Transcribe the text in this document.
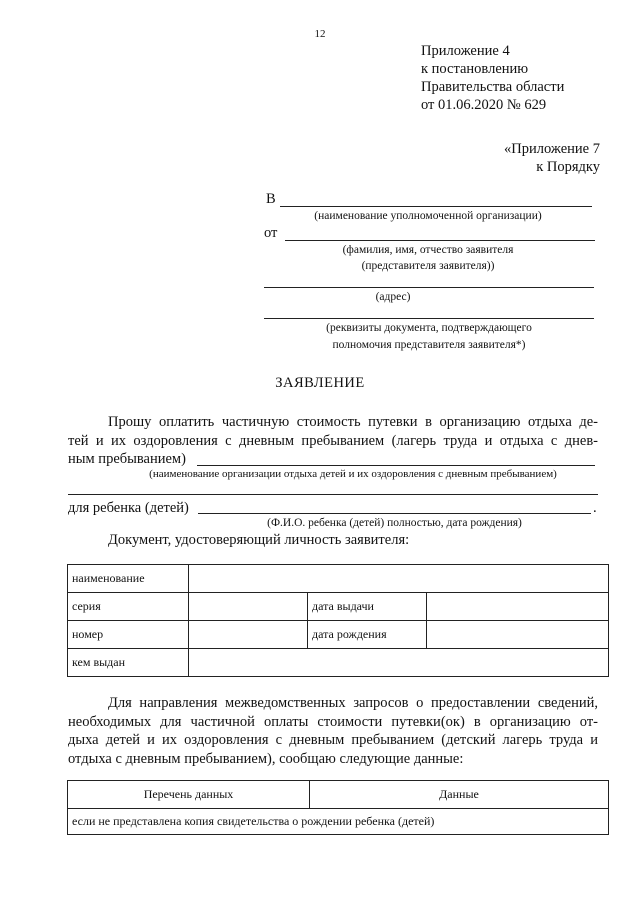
12
Приложение 4
к постановлению
Правительства области
от 01.06.2020 № 629
«Приложение 7
к Порядку
В
(наименование уполномоченной организации)
от
(фамилия, имя, отчество заявителя
(представителя заявителя))
(адрес)
(реквизиты документа, подтверждающего
полномочия представителя заявителя*)
ЗАЯВЛЕНИЕ
Прошу оплатить частичную стоимость путевки в организацию отдыха де-
тей и их оздоровления с дневным пребыванием (лагерь труда и отдыха с днев-
ным пребыванием)
(наименование организации отдыха детей и их оздоровления с дневным пребыванием)
для ребенка (детей)	.
(Ф.И.О. ребенка (детей) полностью, дата рождения)
Документ, удостоверяющий личность заявителя:
наименование			
серия		дата выдачи	
номер		дата рождения	
кем выдан			
Для направления межведомственных запросов о предоставлении сведений,
необходимых для частичной оплаты стоимости путевки(ок) в организацию от-
дыха детей и их оздоровления с дневным пребыванием (детский лагерь труда и
отдыха с дневным пребыванием), сообщаю следующие данные:
Перечень данных	Данные
если не представлена копия свидетельства о рождении ребенка (детей)
